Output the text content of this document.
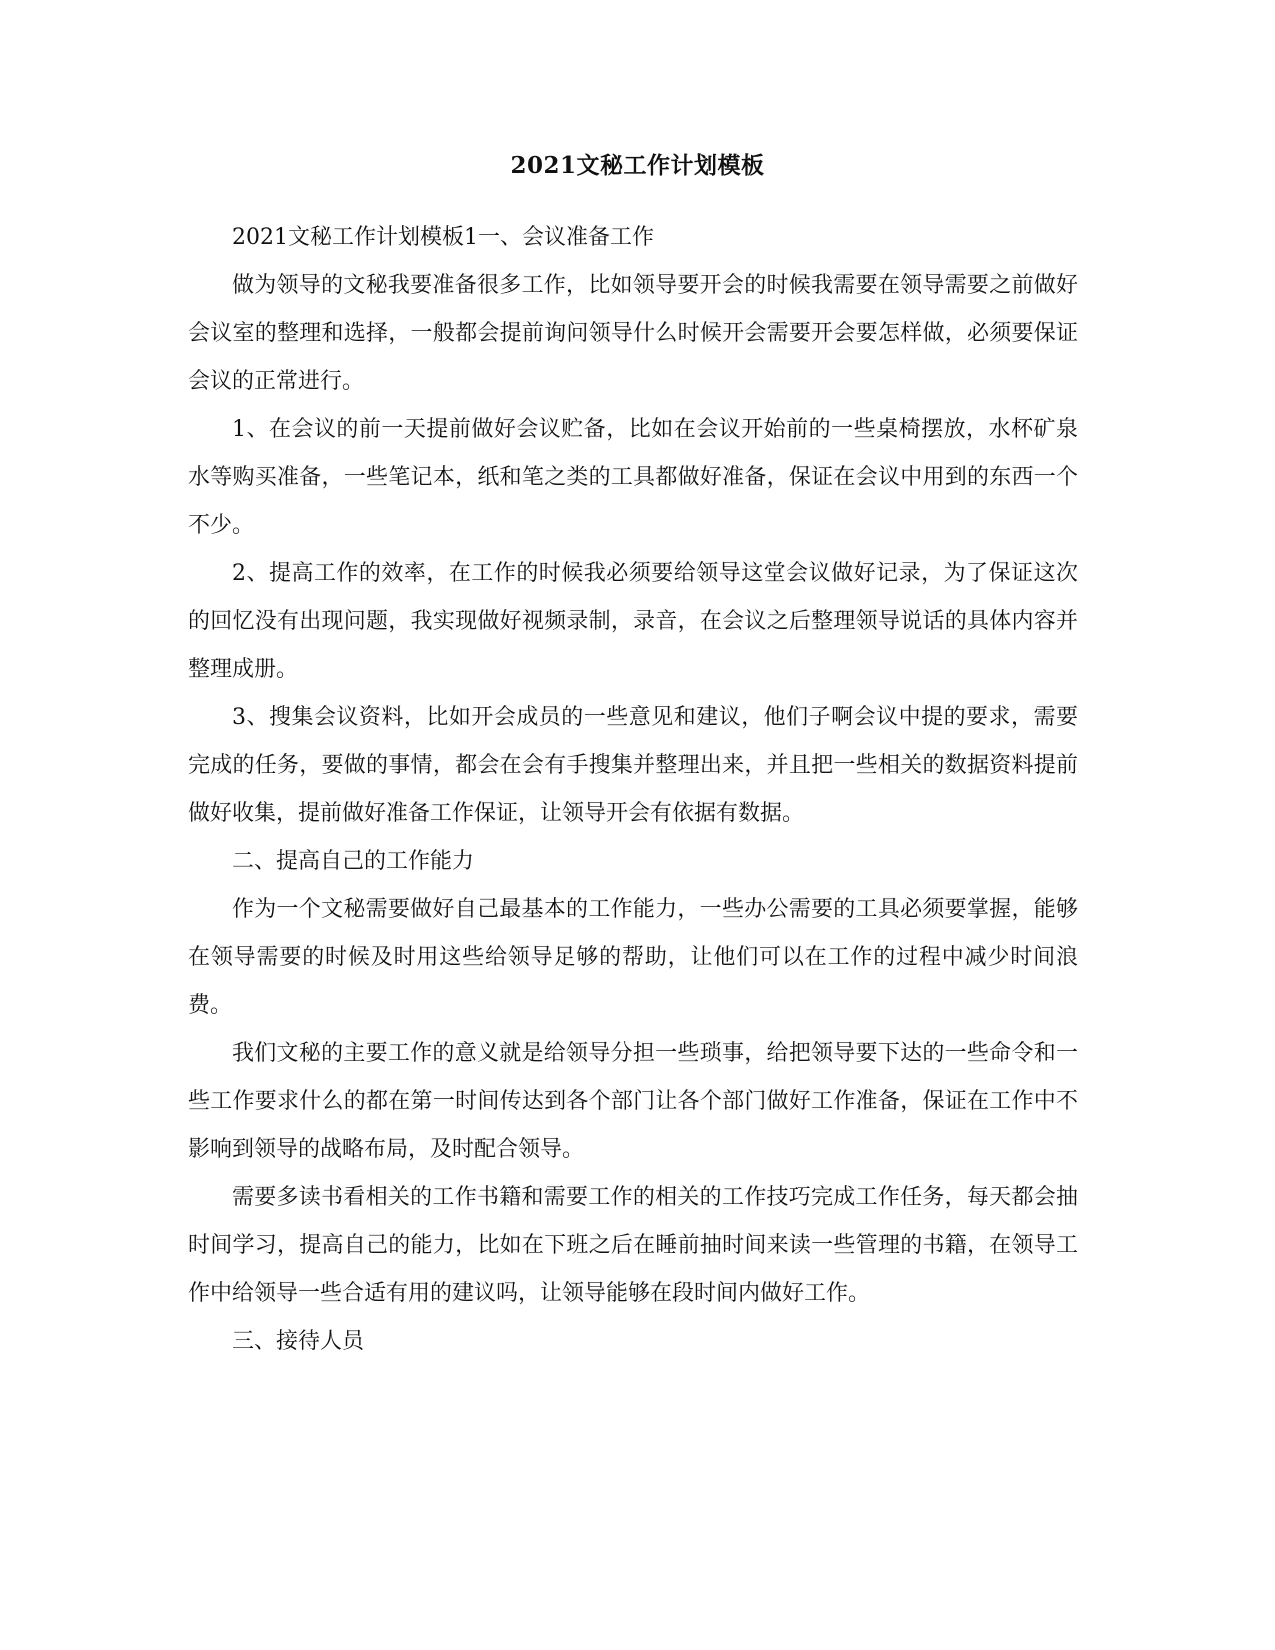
2021文秘工作计划模板

2021文秘工作计划模板1一、会议准备工作

做为领导的文秘我要准备很多工作，比如领导要开会的时候我需要在领导需要之前做好会议室的整理和选择，一般都会提前询问领导什么时候开会需要开会要怎样做，必须要保证会议的正常进行。

1、在会议的前一天提前做好会议贮备，比如在会议开始前的一些桌椅摆放，水杯矿泉水等购买准备，一些笔记本，纸和笔之类的工具都做好准备，保证在会议中用到的东西一个不少。

2、提高工作的效率，在工作的时候我必须要给领导这堂会议做好记录，为了保证这次的回忆没有出现问题，我实现做好视频录制，录音，在会议之后整理领导说话的具体内容并整理成册。

3、搜集会议资料，比如开会成员的一些意见和建议，他们子啊会议中提的要求，需要完成的任务，要做的事情，都会在会有手搜集并整理出来，并且把一些相关的数据资料提前做好收集，提前做好准备工作保证，让领导开会有依据有数据。

二、提高自己的工作能力

作为一个文秘需要做好自己最基本的工作能力，一些办公需要的工具必须要掌握，能够在领导需要的时候及时用这些给领导足够的帮助，让他们可以在工作的过程中减少时间浪费。

我们文秘的主要工作的意义就是给领导分担一些琐事，给把领导要下达的一些命令和一些工作要求什么的都在第一时间传达到各个部门让各个部门做好工作准备，保证在工作中不影响到领导的战略布局，及时配合领导。

需要多读书看相关的工作书籍和需要工作的相关的工作技巧完成工作任务，每天都会抽时间学习，提高自己的能力，比如在下班之后在睡前抽时间来读一些管理的书籍，在领导工作中给领导一些合适有用的建议吗，让领导能够在段时间内做好工作。

三、接待人员
